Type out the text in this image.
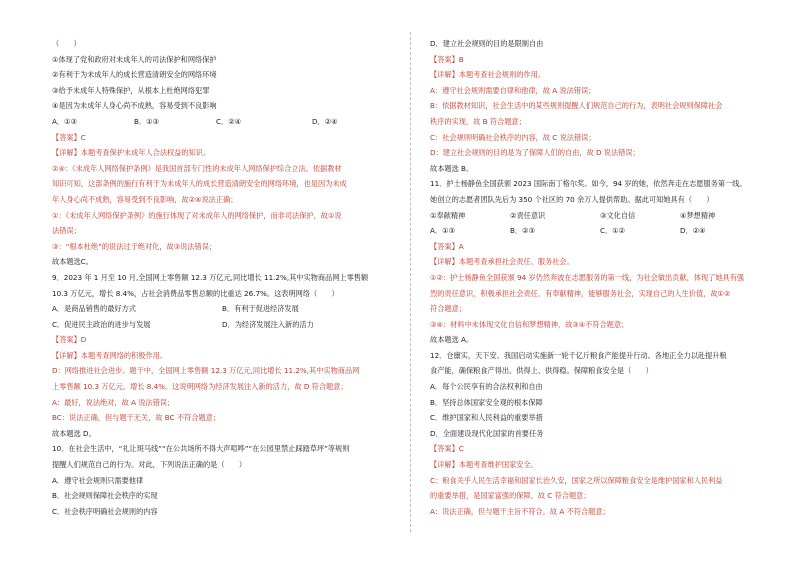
（　　）
①体现了党和政府对未成年人的司法保护和网络保护
②有利于为未成年人的成长营造清朗安全的网络环境
③给予未成年人特殊保护，从根本上杜绝网络犯罪
④是因为未成年人身心尚不成熟，容易受到不良影响
A．①③	B．①③	C．②④	D．②④
【答案】C
【详解】本题考查保护未成年人合法权益的知识。
②④：《未成年人网络保护条例》是我国首部专门性的未成年人网络保护综合立法。依据教材
知识可知，这部条例的施行有利于为未成年人的成长营造清朗安全的网络环境，也是因为未成
年人身心尚不成熟，容易受到不良影响，故②④说法正确；
①：《未成年人网络保护条例》的施行体现了对未成年人的网络保护，而非司法保护，故①说
法错误；
③：“根本杜绝”的说法过于绝对化，故③说法错误；
故本题选C。
9．2023 年 1 月至 10 月,全国网上零售额 12.3 万亿元,同比增长 11.2%,其中实物商品网上零售额
10.3 万亿元，增长 8.4%，占社会消费品零售总额的比重达 26.7%。这表明网络（　　）
A．是商品销售的最好方式	B．有利于促进经济发展
C．促进民主政治的进步与发展	D．为经济发展注入新的活力
【答案】D
【详解】本题考查网络的积极作用。
D：网络推进社会进步。题干中，全国网上零售额 12.3 万亿元,同比增长 11.2%,其中实物商品网
上零售额 10.3 万亿元，增长 8.4%。这说明网络为经济发展注入新的活力，故 D 符合题意；
A：最好，说法绝对，故 A 说法错误；
BC：说法正确，但与题干无关，故 BC 不符合题意；
故本题选 D。
10．在社会生活中，“礼让斑马线”“在公共场所不得大声喧哗”“在公园里禁止踩踏草坪”等规则
提醒人们规范自己的行为。对此，下列说法正确的是（　　）
A．遵守社会规则只需要他律
B．社会规则保障社会秩序的实现
C．社会秩序明确社会规则的内容
D．建立社会规则的目的是限制自由
【答案】B
【详解】本题考查社会规则的作用。
A：遵守社会规则需要自律和他律，故 A 说法错误；
B：依据教材知识，社会生活中的某些规则提醒人们规范自己的行为，表明社会规则保障社会
秩序的实现，故 B 符合题意；
C：社会规则明确社会秩序的内容，故 C 说法错误；
D：建立社会规则的目的是为了保障人们的自由，故 D 说法错误；
故本题选 B。
11．护士杨静鱼全国获颁 2023 国际南丁格尔奖。如今，94 岁的她，依然奔走在志愿服务第一线。
她创立的志愿者团队先后为 350 个社区的 70 余万人提供帮助。据此可知她具有（　　）
①奉献精神	②责任意识	③文化自信	④梦想精神
A．①③	B．②③	C．①②	D．②④
【答案】A
【详解】本题考查承担社会责任、服务社会。
①②：护士杨静鱼全国获颁 94 岁仍然奔波在志愿服务的第一线，为社会做出贡献，体现了她具有强
烈的责任意识，积极承担社会责任，有奉献精神，能够服务社会，实现自己的人生价值，故①②
符合题意；
③④：材料中未体现文化自信和梦想精神，故③④不符合题意；
故本题选 A。
12．仓廪实，天下安。我国启动实施新一轮千亿斤粮食产能提升行动。各地正全力以赴提升粮
食产能，确保粮食产得出、供得上、供得稳。保障粮食安全是（　　）
A．每个公民享有的合法权利和自由
B．坚持总体国家安全观的根本保障
C．维护国家和人民利益的重要举措
D．全面建设现代化国家的首要任务
【答案】C
【详解】本题考查维护国家安全。
C：粮食关乎人民生活幸福和国家长治久安，国家之所以保障粮食安全是维护国家和人民利益
的重要举措，是国家富强的保障，故 C 符合题意；
A：说法正确，但与题干主旨不符合，故 A 不符合题意；
